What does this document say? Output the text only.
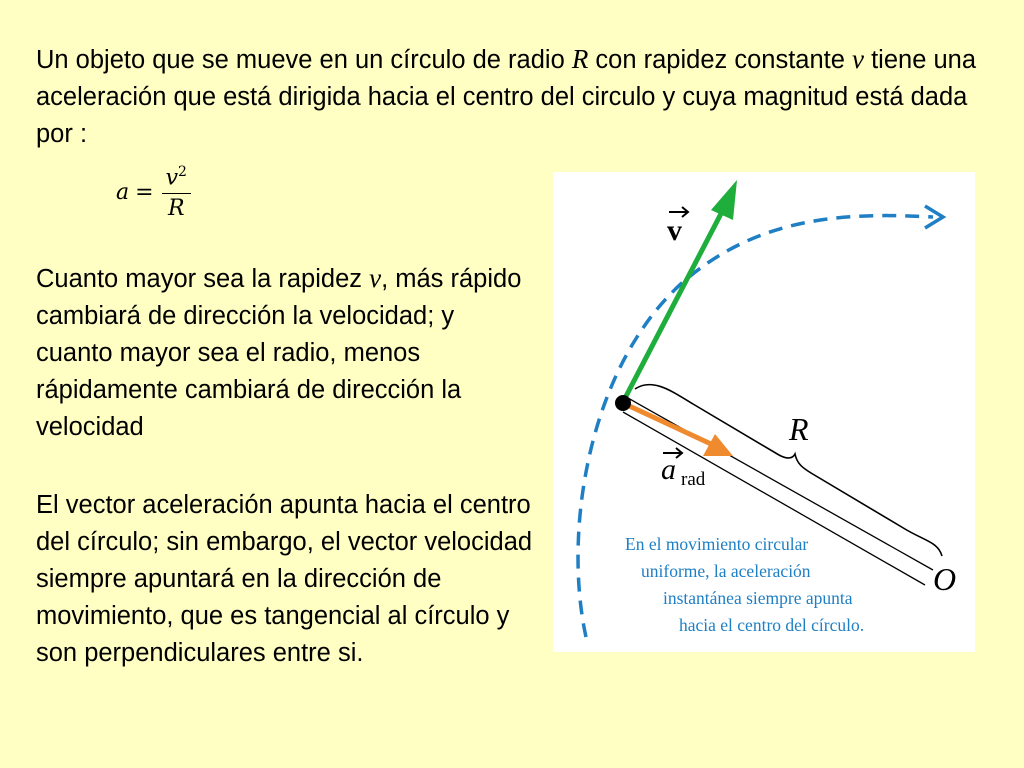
Un objeto que se mueve en un círculo de radio R con rapidez constante v tiene una aceleración que está dirigida hacia el centro del circulo y cuya magnitud está dada por :

$a = \frac{v^2}{R}$

Cuanto mayor sea la rapidez v, más rápido cambiará de dirección la velocidad; y cuanto mayor sea el radio, menos rápidamente cambiará de dirección la velocidad

El vector aceleración apunta hacia el centro del círculo; sin embargo, el vector velocidad siempre apuntará en la dirección de movimiento, que es tangencial al círculo y son perpendiculares entre si.

v
a rad
R
O
En el movimiento circular
uniforme, la aceleración
instantánea siempre apunta
hacia el centro del círculo.
